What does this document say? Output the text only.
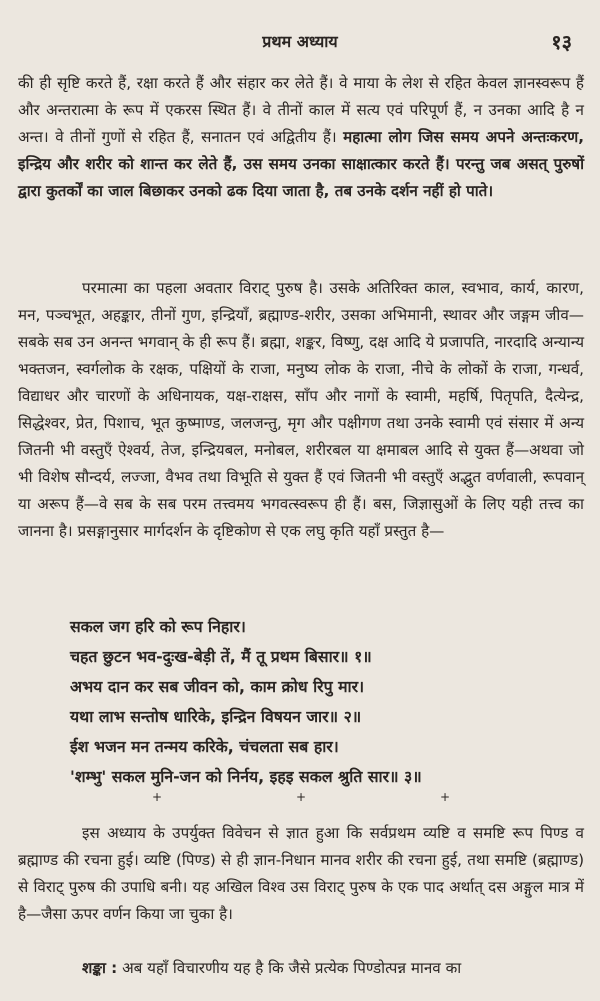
प्रथम अध्याय	१३
की ही सृष्टि करते हैं, रक्षा करते हैं और संहार कर लेते हैं। वे माया के लेश से रहित केवल ज्ञानस्वरूप हैं और अन्तरात्मा के रूप में एकरस स्थित हैं। वे तीनों काल में सत्य एवं परिपूर्ण हैं, न उनका आदि है न अन्त। वे तीनों गुणों से रहित हैं, सनातन एवं अद्वितीय हैं। महात्मा लोग जिस समय अपने अन्तःकरण, इन्द्रिय और शरीर को शान्त कर लेते हैं, उस समय उनका साक्षात्कार करते हैं। परन्तु जब असत् पुरुषों द्वारा कुतर्कों का जाल बिछाकर उनको ढक दिया जाता है, तब उनके दर्शन नहीं हो पाते।
परमात्मा का पहला अवतार विराट् पुरुष है। उसके अतिरिक्त काल, स्वभाव, कार्य, कारण, मन, पञ्चभूत, अहङ्कार, तीनों गुण, इन्द्रियाँ, ब्रह्माण्ड-शरीर, उसका अभिमानी, स्थावर और जङ्गम जीव—सबके सब उन अनन्त भगवान् के ही रूप हैं। ब्रह्मा, शङ्कर, विष्णु, दक्ष आदि ये प्रजापति, नारदादि अन्यान्य भक्तजन, स्वर्गलोक के रक्षक, पक्षियों के राजा, मनुष्य लोक के राजा, नीचे के लोकों के राजा, गन्धर्व, विद्याधर और चारणों के अधिनायक, यक्ष-राक्षस, साँप और नागों के स्वामी, महर्षि, पितृपति, दैत्येन्द्र, सिद्धेश्वर, प्रेत, पिशाच, भूत कुष्माण्ड, जलजन्तु, मृग और पक्षीगण तथा उनके स्वामी एवं संसार में अन्य जितनी भी वस्तुएँ ऐश्वर्य, तेज, इन्द्रियबल, मनोबल, शरीरबल या क्षमाबल आदि से युक्त हैं—अथवा जो भी विशेष सौन्दर्य, लज्जा, वैभव तथा विभूति से युक्त हैं एवं जितनी भी वस्तुएँ अद्भुत वर्णवाली, रूपवान् या अरूप हैं—वे सब के सब परम तत्त्वमय भगवत्स्वरूप ही हैं। बस, जिज्ञासुओं के लिए यही तत्त्व का जानना है। प्रसङ्गानुसार मार्गदर्शन के दृष्टिकोण से एक लघु कृति यहाँ प्रस्तुत है—
सकल जग हरि को रूप निहार।
चहत छुटन भव-दुःख-बेड़ी तें, मैं तू प्रथम बिसार॥ १॥
अभय दान कर सब जीवन को, काम क्रोध रिपु मार।
यथा लाभ सन्तोष धारिके, इन्द्रिन विषयन जार॥ २॥
ईश भजन मन तन्मय करिके, चंचलता सब हार।
'शम्भु' सकल मुनि-जन को निर्नय, इहइ सकल श्रुति सार॥ ३॥
+	+	+
इस अध्याय के उपर्युक्त विवेचन से ज्ञात हुआ कि सर्वप्रथम व्यष्टि व समष्टि रूप पिण्ड व ब्रह्माण्ड की रचना हुई। व्यष्टि (पिण्ड) से ही ज्ञान-निधान मानव शरीर की रचना हुई, तथा समष्टि (ब्रह्माण्ड) से विराट् पुरुष की उपाधि बनी। यह अखिल विश्व उस विराट् पुरुष के एक पाद अर्थात् दस अङ्गुल मात्र में है—जैसा ऊपर वर्णन किया जा चुका है।
शङ्का : अब यहाँ विचारणीय यह है कि जैसे प्रत्येक पिण्डोत्पन्न मानव का
